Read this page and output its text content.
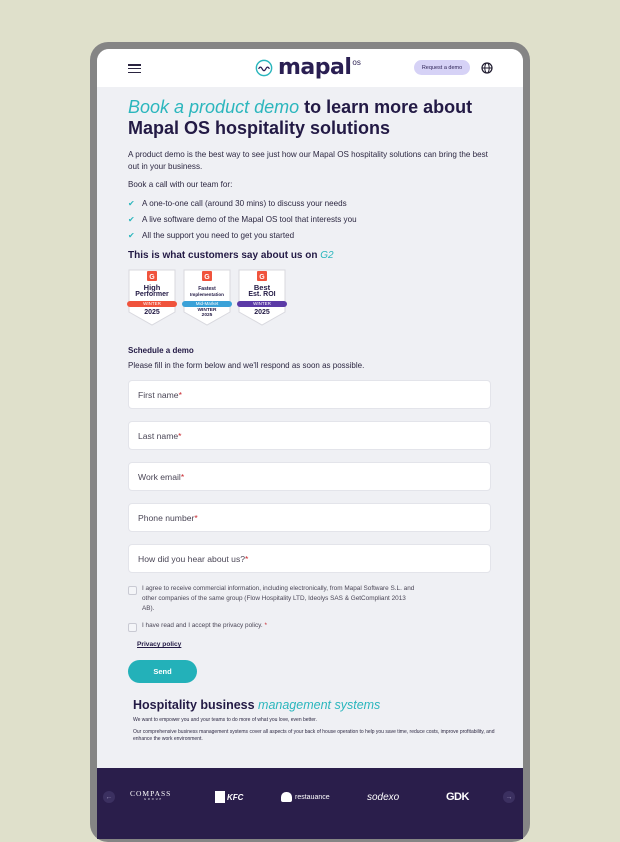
mapal os
Request a demo
Book a product demo to learn more about Mapal OS hospitality solutions
A product demo is the best way to see just how our Mapal OS hospitality solutions can bring the best out in your business.
Book a call with our team for:
✔ A one-to-one call (around 30 mins) to discuss your needs
✔ A live software demo of the Mapal OS tool that interests you
✔ All the support you need to get you started
This is what customers say about us on G2
G
High
Performer
WINTER
2025
G
Fastest
Implementation
Mid-Market
WINTER
2025
G
Best
Est. ROI
WINTER
2025
Schedule a demo
Please fill in the form below and we'll respond as soon as possible.
First name *
Last name *
Work email *
Phone number *
How did you hear about us? *
I agree to receive commercial information, including electronically, from Mapal Software S.L. and other companies of the same group (Flow Hospitality LTD, Ideolys SAS & GetCompliant 2013 AB).
I have read and I accept the privacy policy. *
Privacy policy
Send
Hospitality business management systems
We want to empower you and your teams to do more of what you love, even better.
Our comprehensive business management systems cover all aspects of your back of house operation to help you save time, reduce costs, improve profitability, and enhance the work environment.
←	COMPASS
GROUP	KFC	restauance	sodexo	GDK	→
